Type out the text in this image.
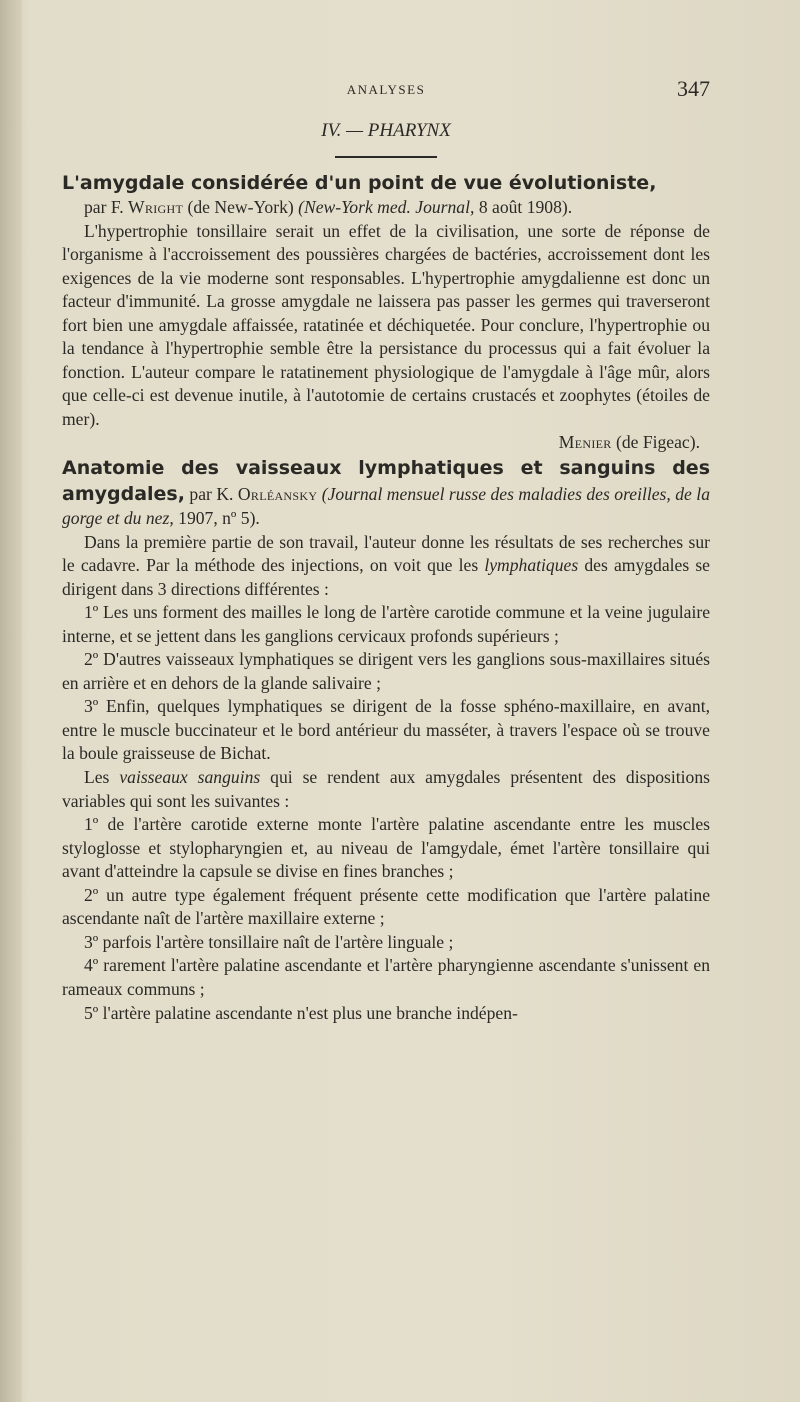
ANALYSES	347
IV. — PHARYNX

L'amygdale considérée d'un point de vue évolutioniste,
par F. Wright (de New-York) (New-York med. Journal, 8 août 1908).

L'hypertrophie tonsillaire serait un effet de la civilisation, une sorte de réponse de l'organisme à l'accroissement des poussières chargées de bactéries, accroissement dont les exigences de la vie moderne sont responsables. L'hypertrophie amygdalienne est donc un facteur d'immunité. La grosse amygdale ne laissera pas passer les germes qui traverseront fort bien une amygdale affaissée, ratatinée et déchiquetée. Pour conclure, l'hypertrophie ou la tendance à l'hypertrophie semble être la persistance du processus qui a fait évoluer la fonction. L'auteur compare le ratatinement physiologique de l'amygdale à l'âge mûr, alors que celle-ci est devenue inutile, à l'autotomie de certains crustacés et zoophytes (étoiles de mer).

Menier (de Figeac).

Anatomie des vaisseaux lymphatiques et sanguins des amygdales, par K. Orléansky (Journal mensuel russe des maladies des oreilles, de la gorge et du nez, 1907, nº 5).

Dans la première partie de son travail, l'auteur donne les résultats de ses recherches sur le cadavre. Par la méthode des injections, on voit que les lymphatiques des amygdales se dirigent dans 3 directions différentes :

1º Les uns forment des mailles le long de l'artère carotide commune et la veine jugulaire interne, et se jettent dans les ganglions cervicaux profonds supérieurs ;

2º D'autres vaisseaux lymphatiques se dirigent vers les ganglions sous-maxillaires situés en arrière et en dehors de la glande salivaire ;

3º Enfin, quelques lymphatiques se dirigent de la fosse sphéno-maxillaire, en avant, entre le muscle buccinateur et le bord antérieur du masséter, à travers l'espace où se trouve la boule graisseuse de Bichat.

Les vaisseaux sanguins qui se rendent aux amygdales présentent des dispositions variables qui sont les suivantes :

1º de l'artère carotide externe monte l'artère palatine ascendante entre les muscles styloglosse et stylopharyngien et, au niveau de l'amgydale, émet l'artère tonsillaire qui avant d'atteindre la capsule se divise en fines branches ;

2º un autre type également fréquent présente cette modification que l'artère palatine ascendante naît de l'artère maxillaire externe ;

3º parfois l'artère tonsillaire naît de l'artère linguale ;

4º rarement l'artère palatine ascendante et l'artère pharyngienne ascendante s'unissent en rameaux communs ;

5º l'artère palatine ascendante n'est plus une branche indépen-
